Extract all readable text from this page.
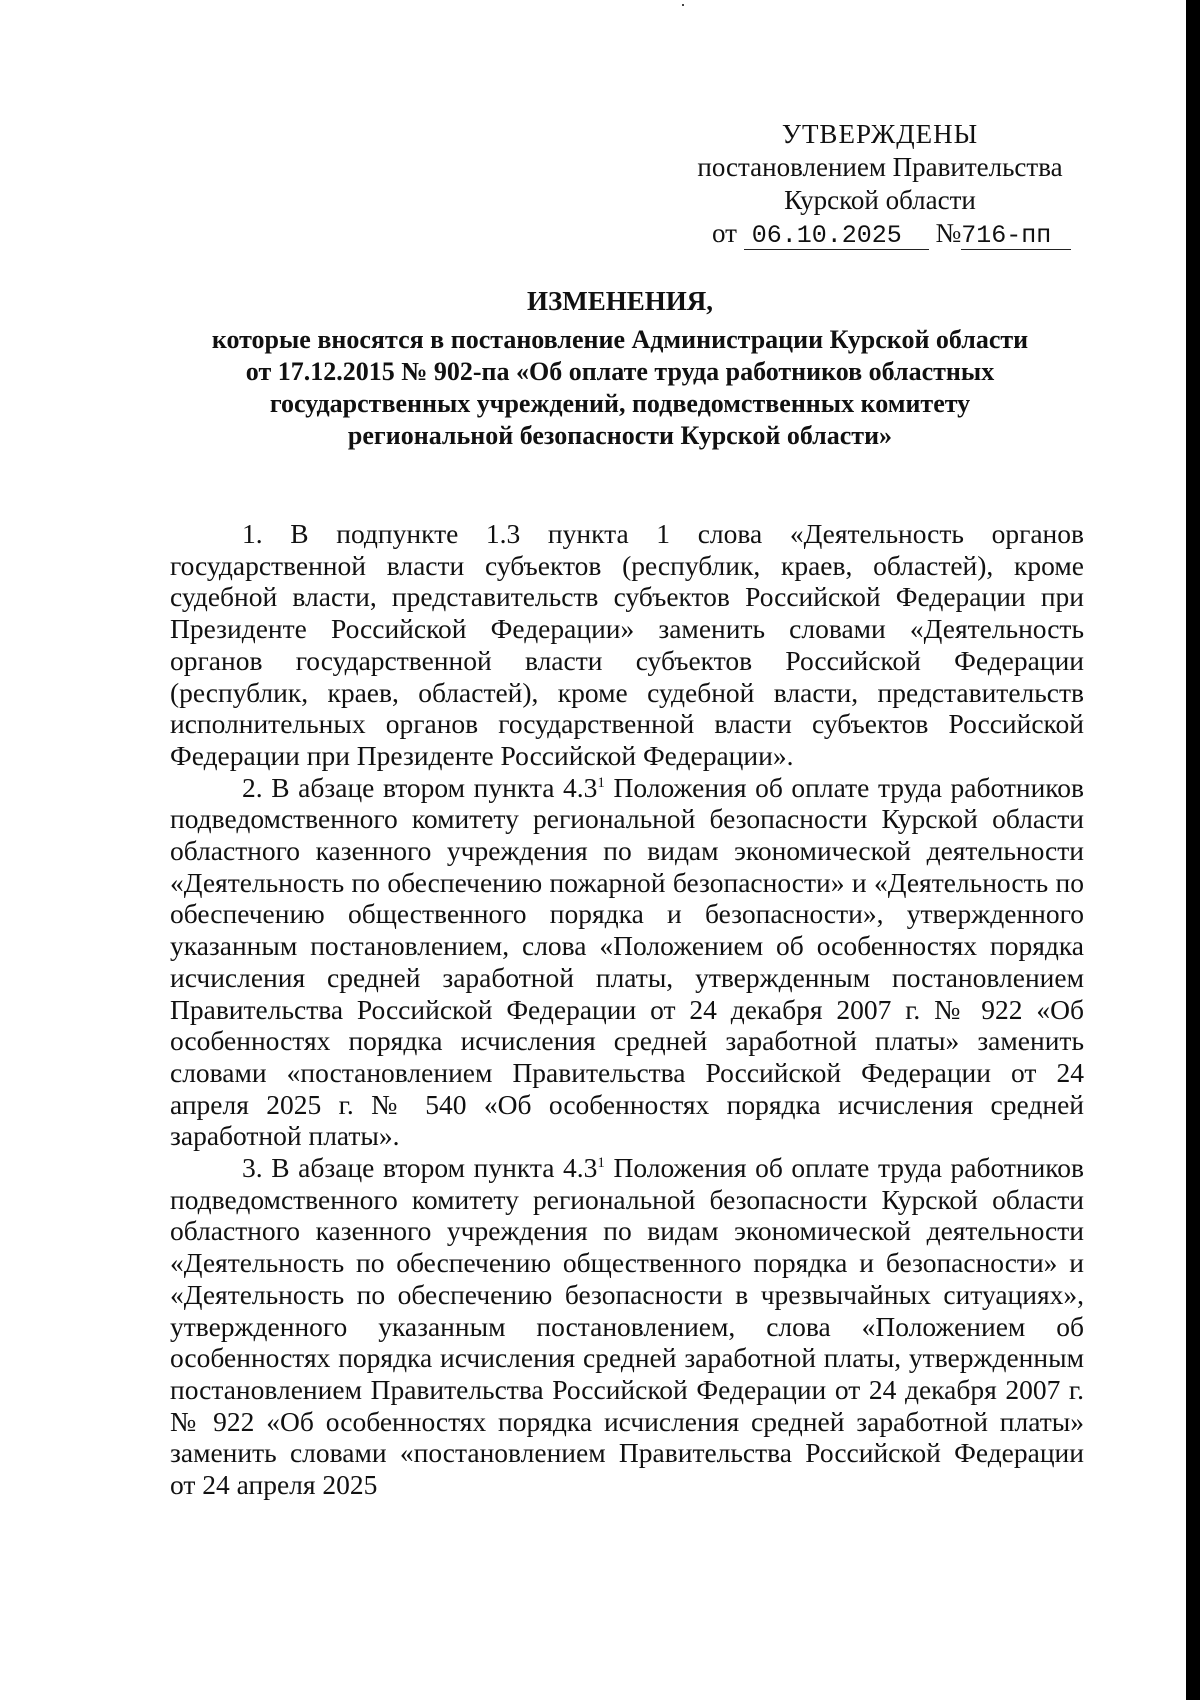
УТВЕРЖДЕНЫ
постановлением Правительства
Курской области
от 06.10.2025 №716-пп
ИЗМЕНЕНИЯ,
которые вносятся в постановление Администрации Курской области
от 17.12.2015 № 902-па «Об оплате труда работников областных
государственных учреждений, подведомственных комитету
региональной безопасности Курской области»

1. В подпункте 1.3 пункта 1 слова «Деятельность органов государственной власти субъектов (республик, краев, областей), кроме судебной власти, представительств субъектов Российской Федерации при Президенте Российской Федерации» заменить словами «Деятельность органов государственной власти субъектов Российской Федерации (республик, краев, областей), кроме судебной власти, представительств исполнительных органов государственной власти субъектов Российской Федерации при Президенте Российской Федерации».

2. В абзаце втором пункта $4.3^1$ Положения об оплате труда работников подведомственного комитету региональной безопасности Курской области областного казенного учреждения по видам экономической деятельности «Деятельность по обеспечению пожарной безопасности» и «Деятельность по обеспечению общественного порядка и безопасности», утвержденного указанным постановлением, слова «Положением об особенностях порядка исчисления средней заработной платы, утвержденным постановлением Правительства Российской Федерации от 24 декабря 2007 г. № 922 «Об особенностях порядка исчисления средней заработной платы» заменить словами «постановлением Правительства Российской Федерации от 24 апреля 2025 г. № 540 «Об особенностях порядка исчисления средней заработной платы».

3. В абзаце втором пункта $4.3^1$ Положения об оплате труда работников подведомственного комитету региональной безопасности Курской области областного казенного учреждения по видам экономической деятельности «Деятельность по обеспечению общественного порядка и безопасности» и «Деятельность по обеспечению безопасности в чрезвычайных ситуациях», утвержденного указанным постановлением, слова «Положением об особенностях порядка исчисления средней заработной платы, утвержденным постановлением Правительства Российской Федерации от 24 декабря 2007 г. № 922 «Об особенностях порядка исчисления средней заработной платы» заменить словами «постановлением Правительства Российской Федерации от 24 апреля 2025
